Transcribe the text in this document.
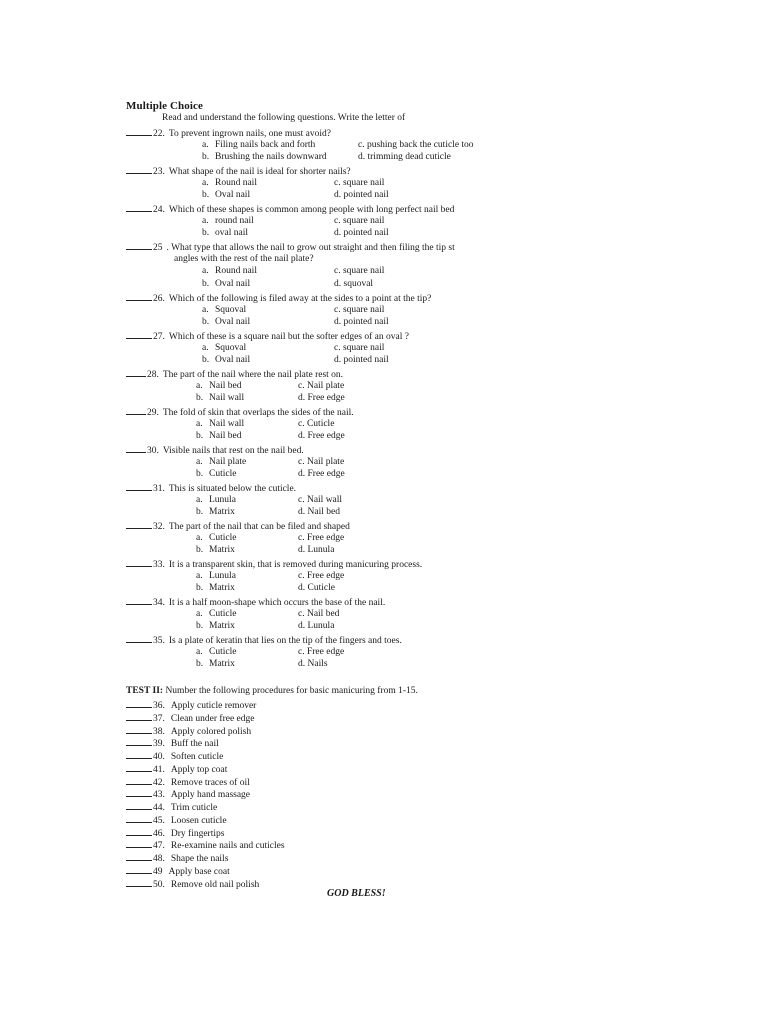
Multiple Choice
Read and understand the following questions. Write the letter of
22. To prevent ingrown nails, one must avoid?
a. Filing nails back and forth	c. pushing back the cuticle too
b. Brushing the nails downward	d. trimming dead cuticle
23. What shape of the nail is ideal for shorter nails?
a. Round nail	c. square nail
b. Oval nail	d. pointed nail
24. Which of these shapes is common among people with long perfect nail bed
a. round nail	c. square nail
b. oval nail	d. pointed nail
25 . What type that allows the nail to grow out straight and then filing the tip st
angles with the rest of the nail plate?
a. Round nail	c. square nail
b. Oval nail	d. squoval
26. Which of the following is filed away at the sides to a point at the tip?
a. Squoval	c. square nail
b. Oval nail	d. pointed nail
27. Which of these is a square nail but the softer edges of an oval ?
a. Squoval	c. square nail
b. Oval nail	d. pointed nail
28. The part of the nail where the nail plate rest on.
a. Nail bed	c. Nail plate
b. Nail wall	d. Free edge
29. The fold of skin that overlaps the sides of the nail.
a. Nail wall	c. Cuticle
b. Nail bed	d. Free edge
30. Visible nails that rest on the nail bed.
a. Nail plate	c. Nail plate
b. Cuticle	d. Free edge
31. This is situated below the cuticle.
a. Lunula	c. Nail wall
b. Matrix	d. Nail bed
32. The part of the nail that can be filed and shaped
a. Cuticle	c. Free edge
b. Matrix	d. Lunula
33. It is a transparent skin, that is removed during manicuring process.
a. Lunula	c. Free edge
b. Matrix	d. Cuticle
34. It is a half moon-shape which occurs the base of the nail.
a. Cuticle	c. Nail bed
b. Matrix	d. Lunula
35. Is a plate of keratin that lies on the tip of the fingers and toes.
a. Cuticle	c. Free edge
b. Matrix	d. Nails
TEST II: Number the following procedures for basic manicuring from 1-15.
36. Apply cuticle remover
37. Clean under free edge
38. Apply colored polish
39. Buff the nail
40. Soften cuticle
41. Apply top coat
42. Remove traces of oil
43. Apply hand massage
44. Trim cuticle
45. Loosen cuticle
46. Dry fingertips
47. Re-examine nails and cuticles
48. Shape the nails
49 Apply base coat
50. Remove old nail polish
GOD BLESS!
